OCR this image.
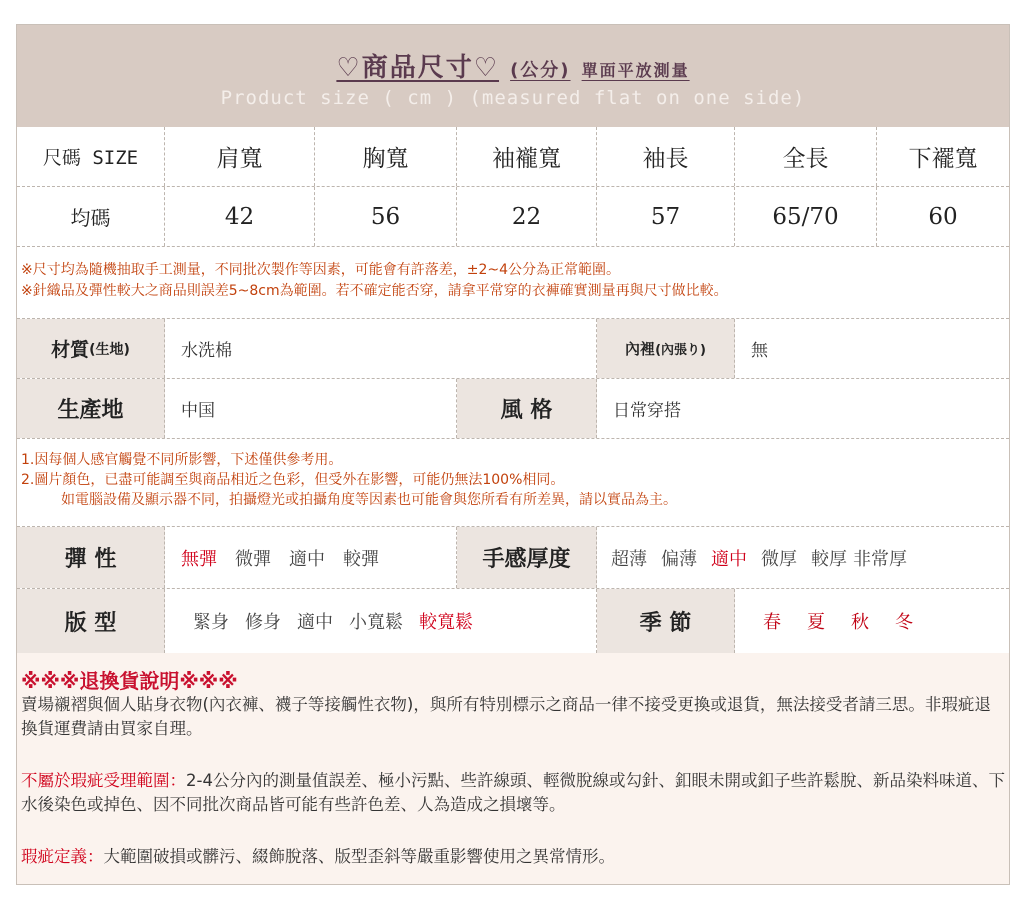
♡商品尺寸♡ (公分) 單面平放測量
Product size ( cm ) (measured flat on one side)
尺碼 SIZE	肩寬	胸寬	袖襱寬	袖長	全長	下襬寬
均碼	42	56	22	57	65/70	60
※尺寸均為隨機抽取手工測量，不同批次製作等因素，可能會有許落差，±2~4公分為正常範圍。
※針織品及彈性較大之商品則誤差5~8cm為範圍。若不確定能否穿，請拿平常穿的衣褲確實測量再與尺寸做比較。
材質 (生地)	水洗棉	內裡 (內張り)	無
生產地	中国	風 格	日常穿搭
1.因每個人感官觸覺不同所影響，下述僅供參考用。
2.圖片顏色，已盡可能調至與商品相近之色彩，但受外在影響，可能仍無法100%相同。
如電腦設備及顯示器不同，拍攝燈光或拍攝角度等因素也可能會與您所看有所差異，請以實品為主。
彈 性	無彈 微彈 適中 較彈	手感厚度	超薄 偏薄 適中 微厚 較厚 非常厚
版 型	緊身 修身 適中 小寬鬆 較寬鬆	季 節	春 夏 秋 冬
※※※退換貨說明※※※
賣場襯褶與個人貼身衣物(內衣褲、襪子等接觸性衣物)，與所有特別標示之商品一律不接受更換或退貨，無法接受者請三思。非瑕疵退換貨運費請由買家自理。
不屬於瑕疵受理範圍：2-4公分內的測量值誤差、極小污點、些許線頭、輕微脫線或勾針、釦眼未開或釦子些許鬆脫、新品染料味道、下水後染色或掉色、因不同批次商品皆可能有些許色差、人為造成之損壞等。
瑕疵定義：大範圍破損或髒污、綴飾脫落、版型歪斜等嚴重影響使用之異常情形。
